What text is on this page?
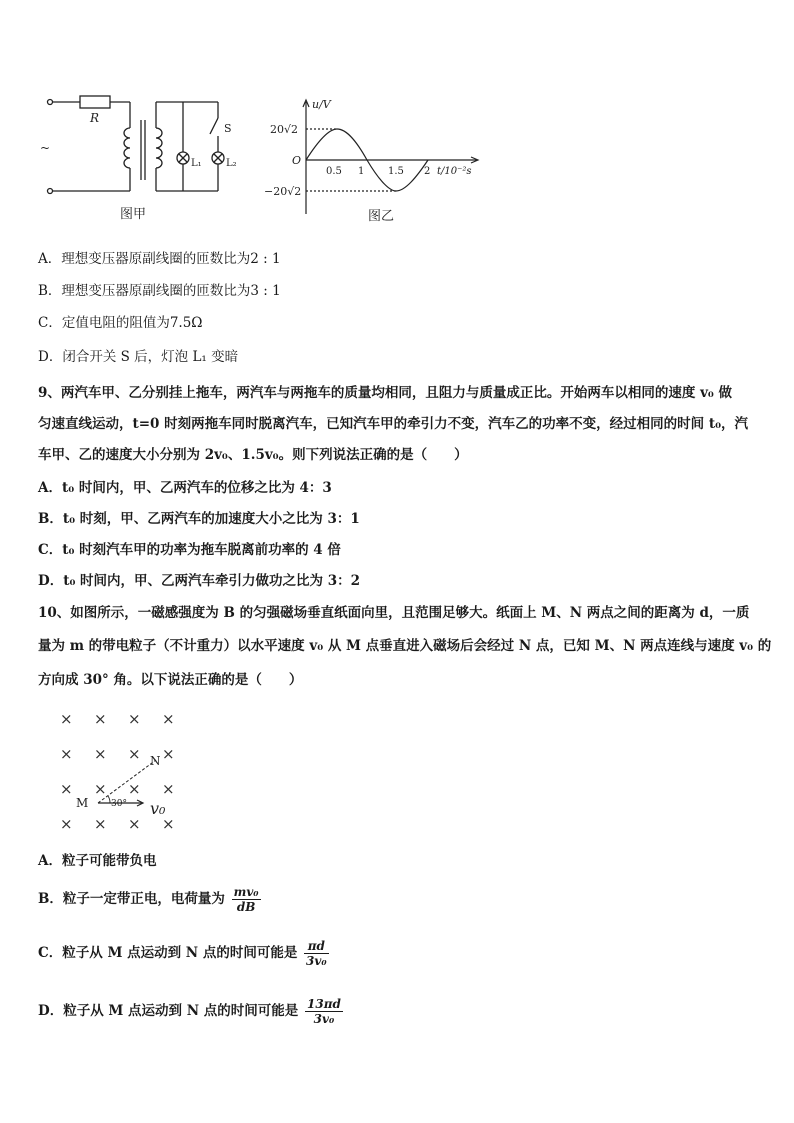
R
~
L₁ L₂
S
图甲
u/V
O
20√2
−20√2
0.5 1 1.5 2 t/10⁻²s
图乙
A．理想变压器原副线圈的匝数比为2 : 1
B．理想变压器原副线圈的匝数比为3 : 1
C．定值电阻的阻值为7.5Ω
D．闭合开关 S 后，灯泡 L₁ 变暗
9、两汽车甲、乙分别挂上拖车，两汽车与两拖车的质量均相同，且阻力与质量成正比。开始两车以相同的速度 v₀ 做
匀速直线运动，t=0 时刻两拖车同时脱离汽车，已知汽车甲的牵引力不变，汽车乙的功率不变，经过相同的时间 t₀，汽
车甲、乙的速度大小分别为 2v₀、1.5v₀。则下列说法正确的是（　　）
A．t₀ 时间内，甲、乙两汽车的位移之比为 4：3
B．t₀ 时刻，甲、乙两汽车的加速度大小之比为 3：1
C．t₀ 时刻汽车甲的功率为拖车脱离前功率的 4 倍
D．t₀ 时间内，甲、乙两汽车牵引力做功之比为 3：2
10、如图所示，一磁感强度为 B 的匀强磁场垂直纸面向里，且范围足够大。纸面上 M、N 两点之间的距离为 d，一质
量为 m 的带电粒子（不计重力）以水平速度 v₀ 从 M 点垂直进入磁场后会经过 N 点，已知 M、N 两点连线与速度 v₀ 的
方向成 30° 角。以下说法正确的是（　　）
× × × ×
× × × ×
× × × ×
× × × ×
M
N
30° v₀
A．粒子可能带负电
B．粒子一定带正电，电荷量为 $\frac{\text{mv₀}}{dB}$
C．粒子从 M 点运动到 N 点的时间可能是 $\frac{\pi d}{\text{3v₀}}$
D．粒子从 M 点运动到 N 点的时间可能是 $\frac{13\pi d}{\text{3v₀}}$
